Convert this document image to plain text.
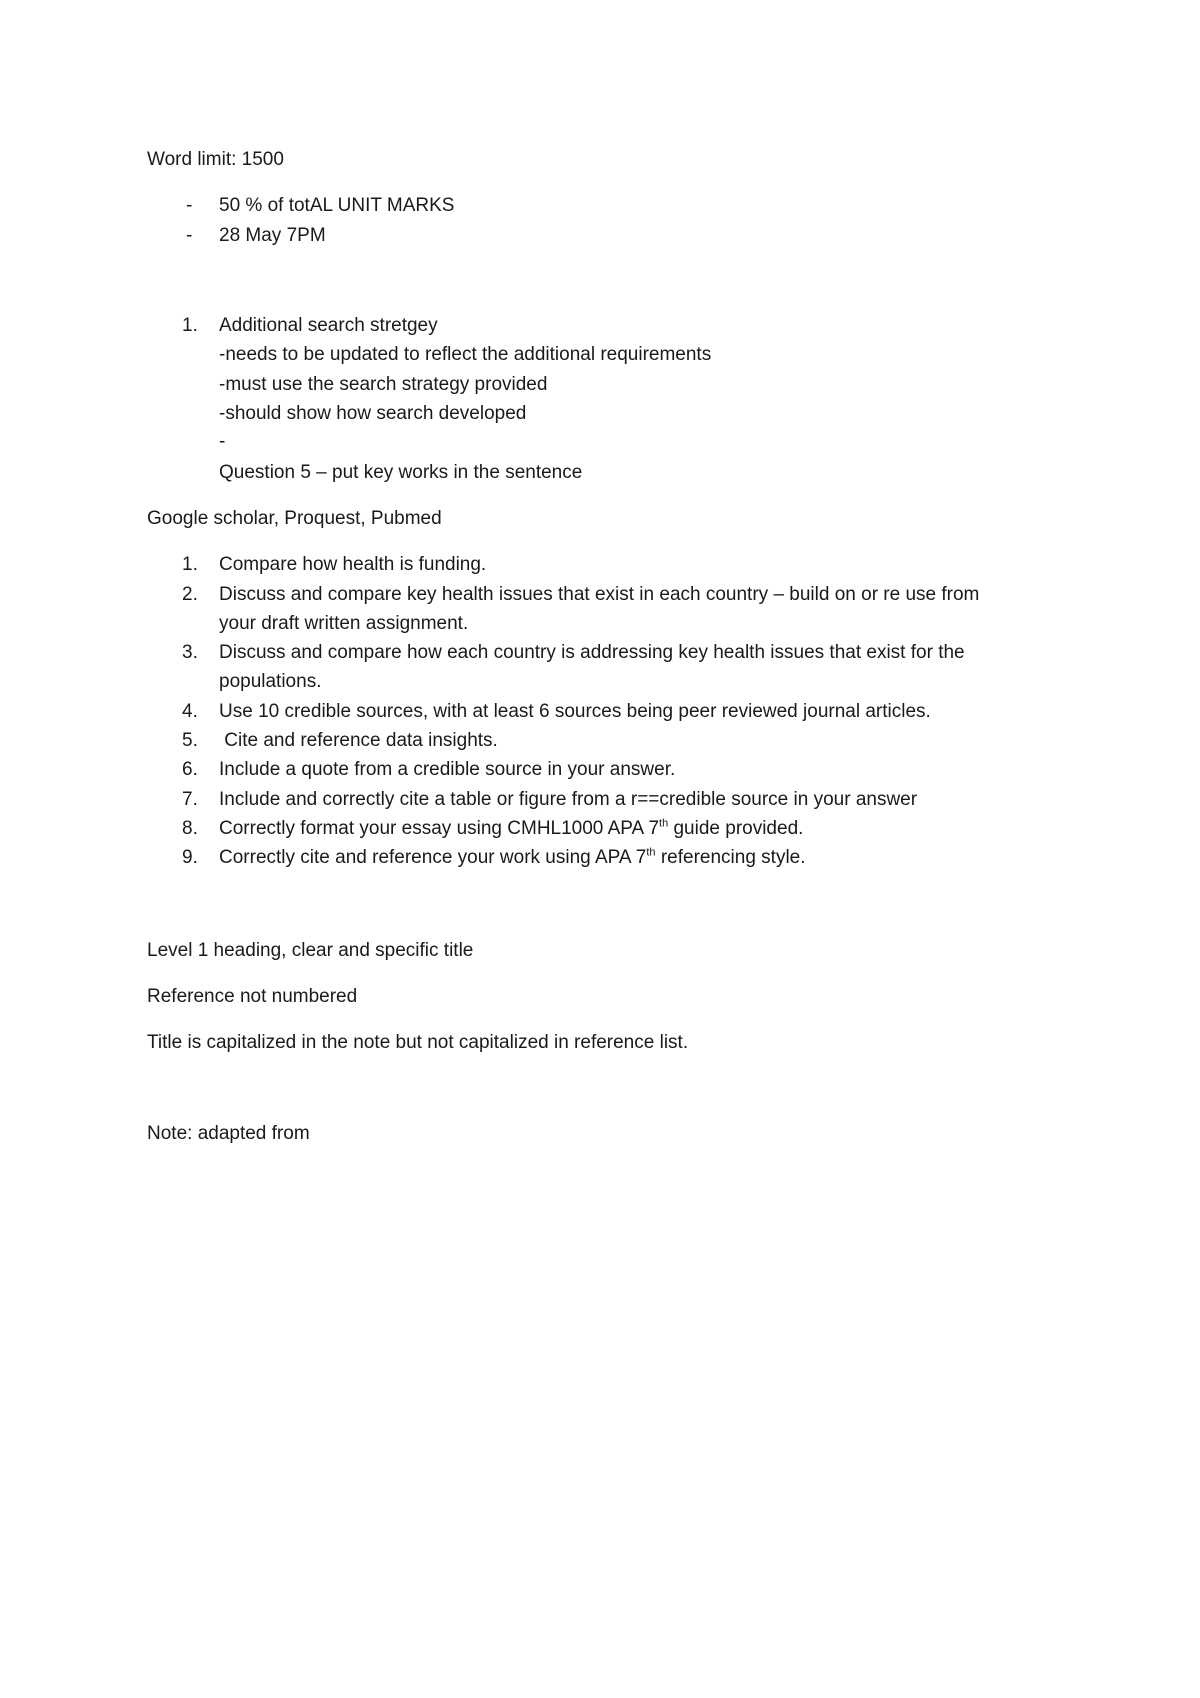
Word limit: 1500
- 50 % of totAL UNIT MARKS
- 28 May 7PM
1.	Additional search stretgey
-needs to be updated to reflect the additional requirements
-must use the search strategy provided
-should show how search developed
-
Question 5 – put key works in the sentence
Google scholar, Proquest, Pubmed
1.	Compare how health is funding.
2.	Discuss and compare key health issues that exist in each country – build on or re use from
your draft written assignment.
3.	Discuss and compare how each country is addressing key health issues that exist for the
populations.
4.	Use 10 credible sources, with at least 6 sources being peer reviewed journal articles.
5.	Cite and reference data insights.
6.	Include a quote from a credible source in your answer.
7.	Include and correctly cite a table or figure from a r==credible source in your answer
8.	Correctly format your essay using CMHL1000 APA 7th guide provided.
9.	Correctly cite and reference your work using APA 7th referencing style.
Level 1 heading, clear and specific title
Reference not numbered
Title is capitalized in the note but not capitalized in reference list.
Note: adapted from
